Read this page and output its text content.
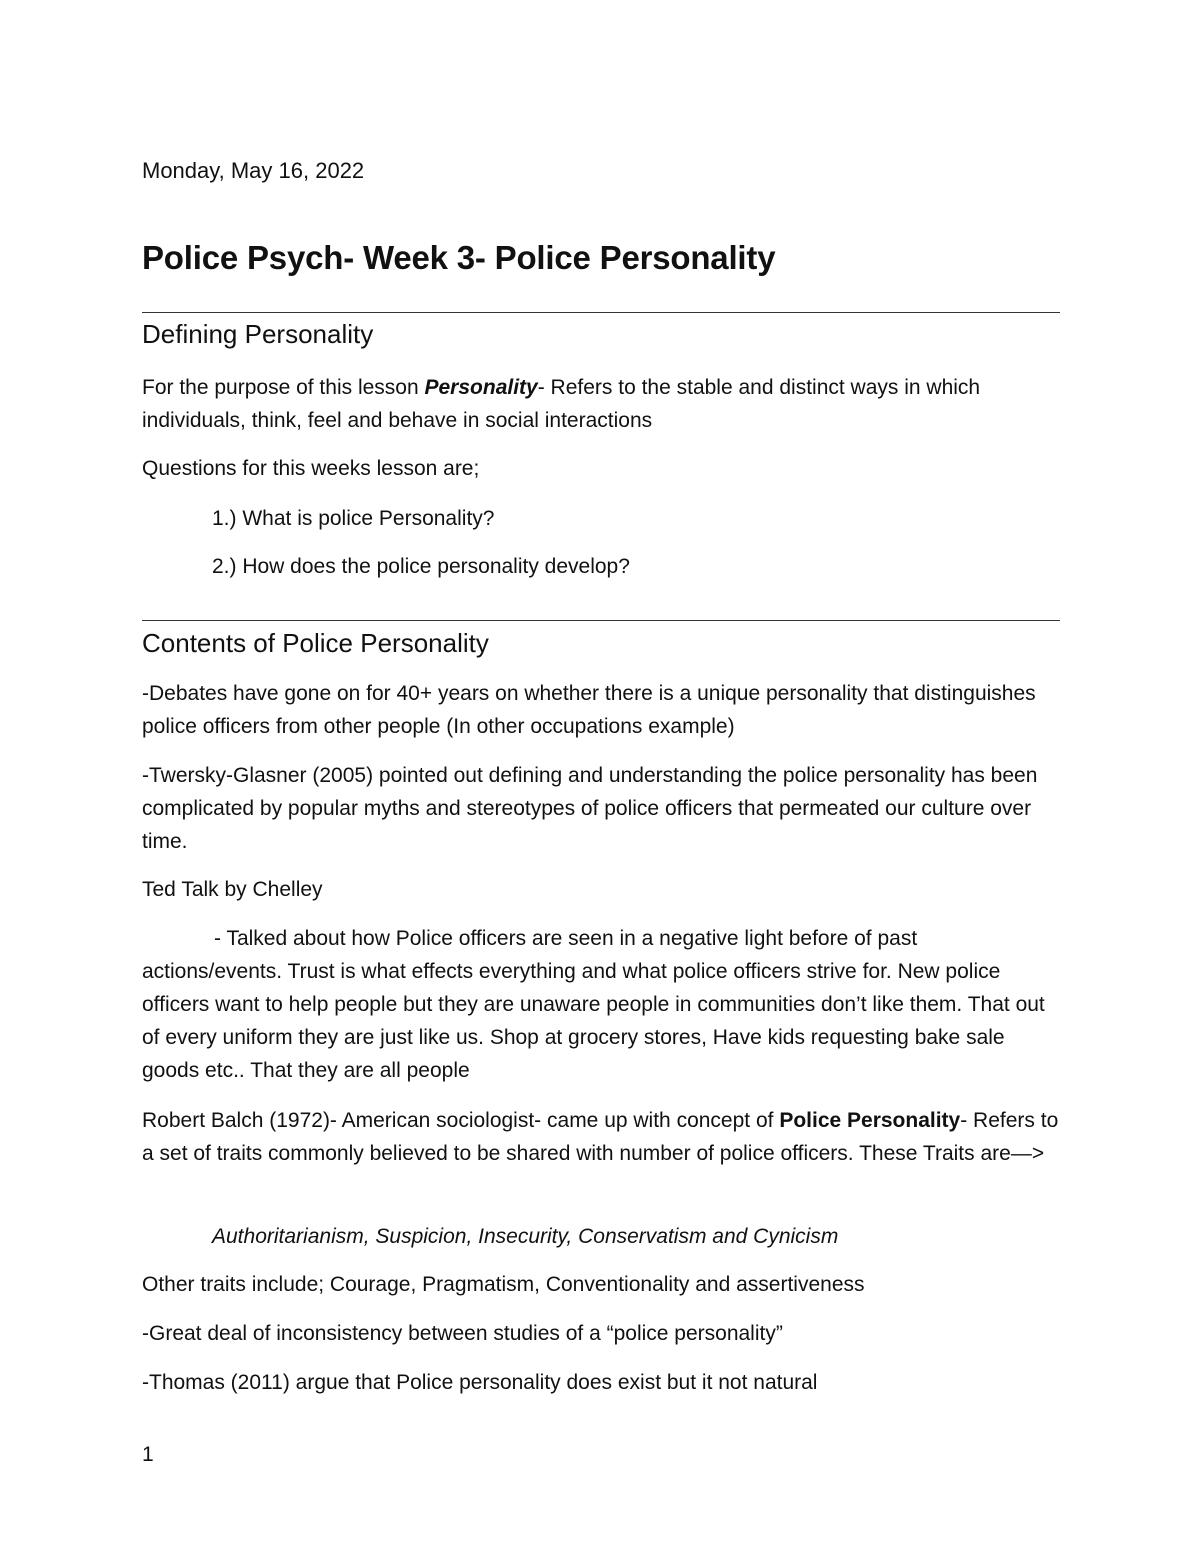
Monday, May 16, 2022
Police Psych- Week 3- Police Personality
Defining Personality

For the purpose of this lesson Personality- Refers to the stable and distinct ways in which individuals, think, feel and behave in social interactions

Questions for this weeks lesson are;

1.) What is police Personality?

2.) How does the police personality develop?

Contents of Police Personality

-Debates have gone on for 40+ years on whether there is a unique personality that distinguishes police officers from other people (In other occupations example)

-Twersky-Glasner (2005) pointed out defining and understanding the police personality has been complicated by popular myths and stereotypes of police officers that permeated our culture over time.

Ted Talk by Chelley

- Talked about how Police officers are seen in a negative light before of past actions/events. Trust is what effects everything and what police officers strive for. New police officers want to help people but they are unaware people in communities don’t like them. That out of every uniform they are just like us. Shop at grocery stores, Have kids requesting bake sale goods etc.. That they are all people

Robert Balch (1972)- American sociologist- came up with concept of Police Personality- Refers to a set of traits commonly believed to be shared with number of police officers. These Traits are—>

Authoritarianism, Suspicion, Insecurity, Conservatism and Cynicism

Other traits include; Courage, Pragmatism, Conventionality and assertiveness

-Great deal of inconsistency between studies of a “police personality”

-Thomas (2011) argue that Police personality does exist but it not natural

1
